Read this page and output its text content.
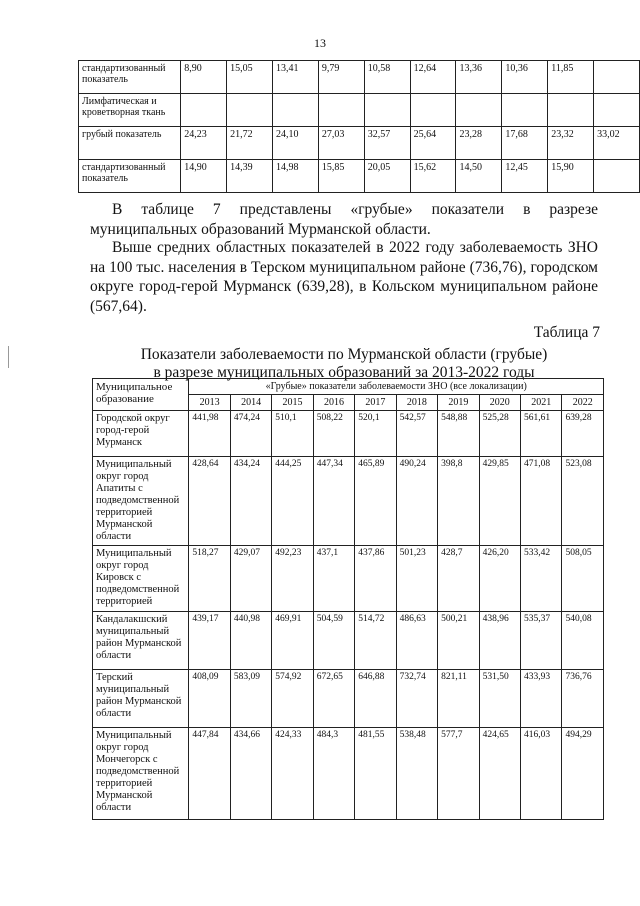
13
стандартизованный показатель	8,90	15,05	13,41	9,79	10,58	12,64	13,36	10,36	11,85	
Лимфатическая и кроветворная ткань										
грубый показатель	24,23	21,72	24,10	27,03	32,57	25,64	23,28	17,68	23,32	33,02
стандартизованный показатель	14,90	14,39	14,98	15,85	20,05	15,62	14,50	12,45	15,90	

В таблице 7 представлены «грубые» показатели в разрезе муниципальных образований Мурманской области.

Выше средних областных показателей в 2022 году заболеваемость ЗНО на 100 тыс. населения в Терском муниципальном районе (736,76), городском округе город-герой Мурманск (639,28), в Кольском муниципальном районе (567,64).

Таблица 7
Показатели заболеваемости по Мурманской области (грубые)
в разрезе муниципальных образований за 2013-2022 годы
Муниципальное образование	«Грубые» показатели заболеваемости ЗНО (все локализации)									
	2013	2014	2015	2016	2017	2018	2019	2020	2021	2022
Городской округ город-герой Мурманск	441,98	474,24	510,1	508,22	520,1	542,57	548,88	525,28	561,61	639,28
Муниципальный округ город Апатиты с подведомственной территорией Мурманской области	428,64	434,24	444,25	447,34	465,89	490,24	398,8	429,85	471,08	523,08
Муниципальный округ город Кировск с подведомственной территорией	518,27	429,07	492,23	437,1	437,86	501,23	428,7	426,20	533,42	508,05
Кандалакшский муниципальный район Мурманской области	439,17	440,98	469,91	504,59	514,72	486,63	500,21	438,96	535,37	540,08
Терский муниципальный район Мурманской области	408,09	583,09	574,92	672,65	646,88	732,74	821,11	531,50	433,93	736,76
Муниципальный округ город Мончегорск с подведомственной территорией Мурманской области	447,84	434,66	424,33	484,3	481,55	538,48	577,7	424,65	416,03	494,29
